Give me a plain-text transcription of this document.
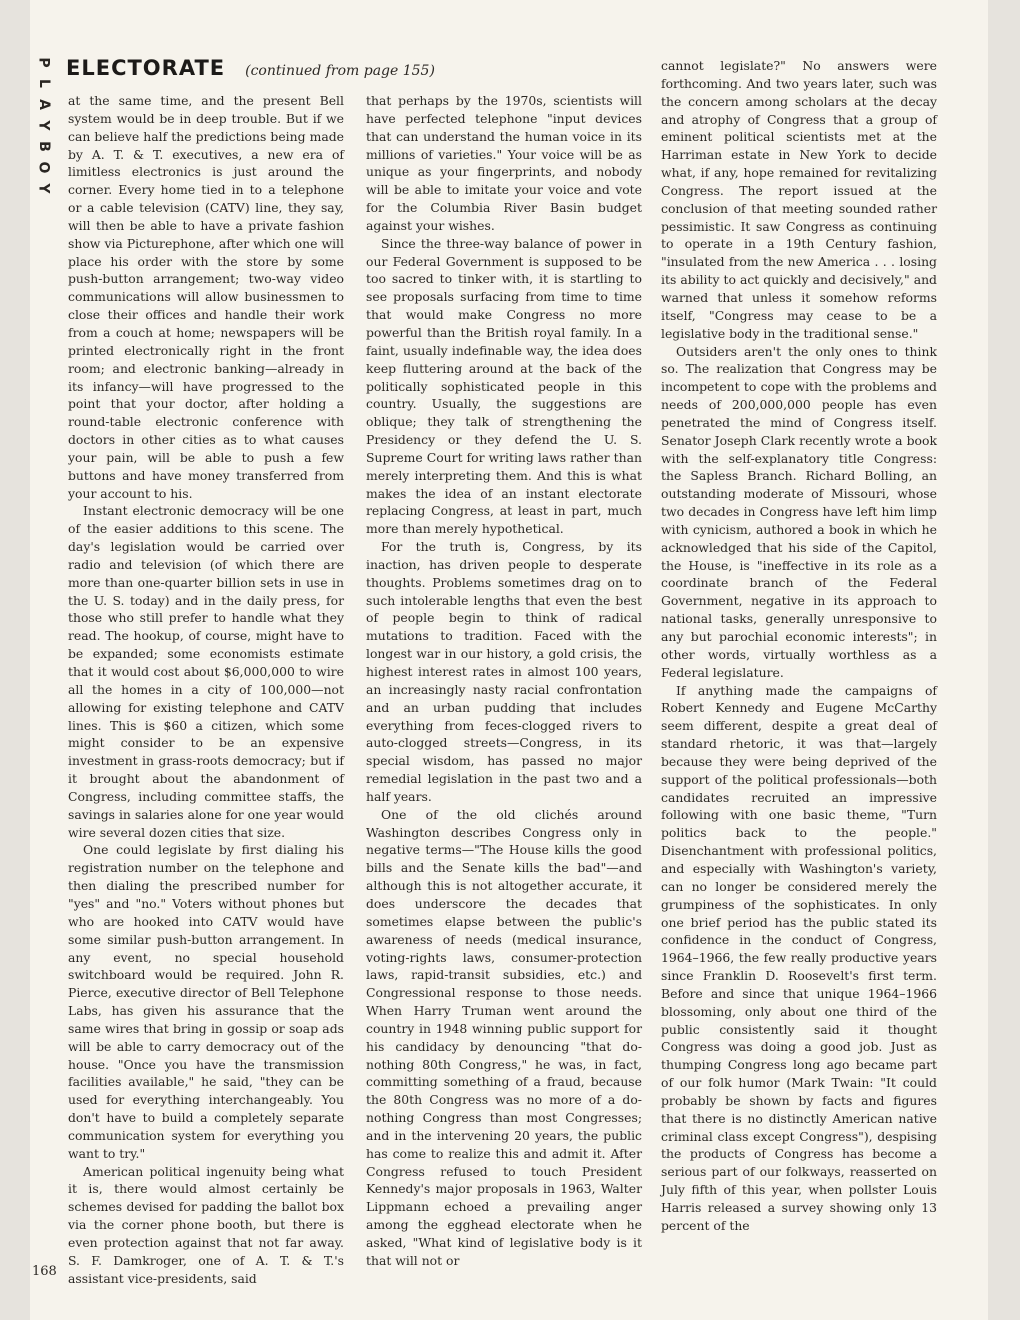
P
L
A
Y
B
O
Y
ELECTORATE (continued from page 155)

at the same time, and the present Bell system would be in deep trouble. But if we can believe half the predictions being made by A. T. & T. executives, a new era of limitless electronics is just around the corner. Every home tied in to a telephone or a cable television (CATV) line, they say, will then be able to have a private fashion show via Picturephone, after which one will place his order with the store by some push-button arrangement; two-way video communications will allow businessmen to close their offices and handle their work from a couch at home; newspapers will be printed electronically right in the front room; and electronic banking—already in its infancy—will have progressed to the point that your doctor, after holding a round-table electronic conference with doctors in other cities as to what causes your pain, will be able to push a few buttons and have money transferred from your account to his.

Instant electronic democracy will be one of the easier additions to this scene. The day's legislation would be carried over radio and television (of which there are more than one-quarter billion sets in use in the U. S. today) and in the daily press, for those who still prefer to handle what they read. The hookup, of course, might have to be expanded; some economists estimate that it would cost about $6,000,000 to wire all the homes in a city of 100,000—not allowing for existing telephone and CATV lines. This is $60 a citizen, which some might consider to be an expensive investment in grass-roots democracy; but if it brought about the abandonment of Congress, including committee staffs, the savings in salaries alone for one year would wire several dozen cities that size.

One could legislate by first dialing his registration number on the telephone and then dialing the prescribed number for "yes" and "no." Voters without phones but who are hooked into CATV would have some similar push-button arrangement. In any event, no special household switchboard would be required. John R. Pierce, executive director of Bell Telephone Labs, has given his assurance that the same wires that bring in gossip or soap ads will be able to carry democracy out of the house. "Once you have the transmission facilities available," he said, "they can be used for everything interchangeably. You don't have to build a completely separate communication system for everything you want to try."

American political ingenuity being what it is, there would almost certainly be schemes devised for padding the ballot box via the corner phone booth, but there is even protection against that not far away. S. F. Damkroger, one of A. T. & T.'s assistant vice-presidents, said

that perhaps by the 1970s, scientists will have perfected telephone "input devices that can understand the human voice in its millions of varieties." Your voice will be as unique as your fingerprints, and nobody will be able to imitate your voice and vote for the Columbia River Basin budget against your wishes.

Since the three-way balance of power in our Federal Government is supposed to be too sacred to tinker with, it is startling to see proposals surfacing from time to time that would make Congress no more powerful than the British royal family. In a faint, usually indefinable way, the idea does keep fluttering around at the back of the politically sophisticated people in this country. Usually, the suggestions are oblique; they talk of strengthening the Presidency or they defend the U. S. Supreme Court for writing laws rather than merely interpreting them. And this is what makes the idea of an instant electorate replacing Congress, at least in part, much more than merely hypothetical.

For the truth is, Congress, by its inaction, has driven people to desperate thoughts. Problems sometimes drag on to such intolerable lengths that even the best of people begin to think of radical mutations to tradition. Faced with the longest war in our history, a gold crisis, the highest interest rates in almost 100 years, an increasingly nasty racial confrontation and an urban pudding that includes everything from feces-clogged rivers to auto-clogged streets—Congress, in its special wisdom, has passed no major remedial legislation in the past two and a half years.

One of the old clichés around Washington describes Congress only in negative terms—"The House kills the good bills and the Senate kills the bad"—and although this is not altogether accurate, it does underscore the decades that sometimes elapse between the public's awareness of needs (medical insurance, voting-rights laws, consumer-protection laws, rapid-transit subsidies, etc.) and Congressional response to those needs. When Harry Truman went around the country in 1948 winning public support for his candidacy by denouncing "that do-nothing 80th Congress," he was, in fact, committing something of a fraud, because the 80th Congress was no more of a do-nothing Congress than most Congresses; and in the intervening 20 years, the public has come to realize this and admit it. After Congress refused to touch President Kennedy's major proposals in 1963, Walter Lippmann echoed a prevailing anger among the egghead electorate when he asked, "What kind of legislative body is it that will not or

cannot legislate?" No answers were forthcoming. And two years later, such was the concern among scholars at the decay and atrophy of Congress that a group of eminent political scientists met at the Harriman estate in New York to decide what, if any, hope remained for revitalizing Congress. The report issued at the conclusion of that meeting sounded rather pessimistic. It saw Congress as continuing to operate in a 19th Century fashion, "insulated from the new America . . . losing its ability to act quickly and decisively," and warned that unless it somehow reforms itself, "Congress may cease to be a legislative body in the traditional sense."

Outsiders aren't the only ones to think so. The realization that Congress may be incompetent to cope with the problems and needs of 200,000,000 people has even penetrated the mind of Congress itself. Senator Joseph Clark recently wrote a book with the self-explanatory title Congress: the Sapless Branch. Richard Bolling, an outstanding moderate of Missouri, whose two decades in Congress have left him limp with cynicism, authored a book in which he acknowledged that his side of the Capitol, the House, is "ineffective in its role as a coordinate branch of the Federal Government, negative in its approach to national tasks, generally unresponsive to any but parochial economic interests"; in other words, virtually worthless as a Federal legislature.

If anything made the campaigns of Robert Kennedy and Eugene McCarthy seem different, despite a great deal of standard rhetoric, it was that—largely because they were being deprived of the support of the political professionals—both candidates recruited an impressive following with one basic theme, "Turn politics back to the people." Disenchantment with professional politics, and especially with Washington's variety, can no longer be considered merely the grumpiness of the sophisticates. In only one brief period has the public stated its confidence in the conduct of Congress, 1964–1966, the few really productive years since Franklin D. Roosevelt's first term. Before and since that unique 1964–1966 blossoming, only about one third of the public consistently said it thought Congress was doing a good job. Just as thumping Congress long ago became part of our folk humor (Mark Twain: "It could probably be shown by facts and figures that there is no distinctly American native criminal class except Congress"), despising the products of Congress has become a serious part of our folkways, reasserted on July fifth of this year, when pollster Louis Harris released a survey showing only 13 percent of the

168
